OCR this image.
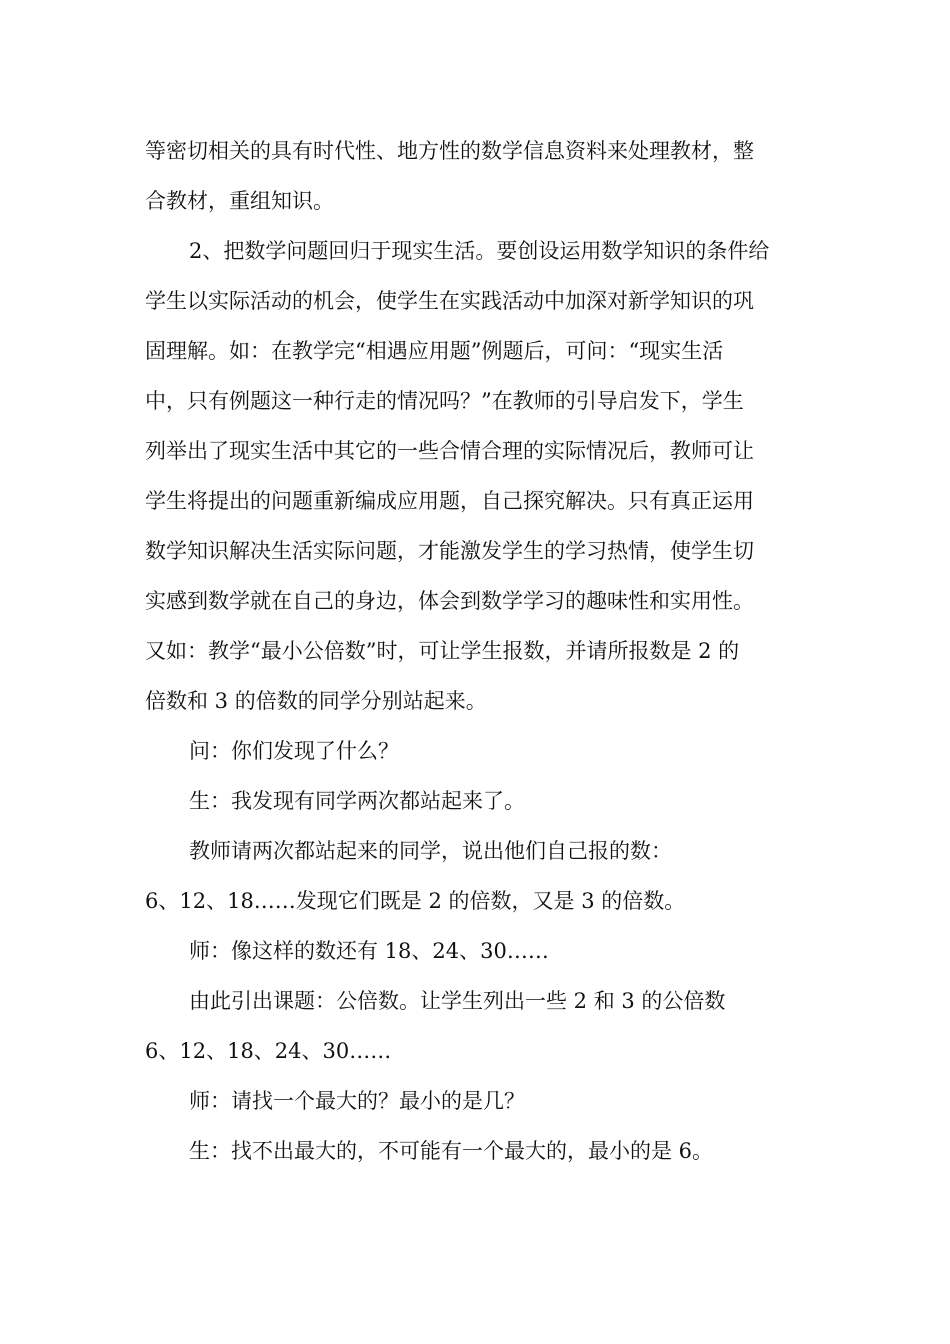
等密切相关的具有时代性、地方性的数学信息资料来处理教材，整
合教材，重组知识。
2、把数学问题回归于现实生活。要创设运用数学知识的条件给
学生以实际活动的机会，使学生在实践活动中加深对新学知识的巩
固理解。如：在教学完“相遇应用题”例题后，可问：“现实生活
中，只有例题这一种行走的情况吗？”在教师的引导启发下，学生
列举出了现实生活中其它的一些合情合理的实际情况后，教师可让
学生将提出的问题重新编成应用题，自己探究解决。只有真正运用
数学知识解决生活实际问题，才能激发学生的学习热情，使学生切
实感到数学就在自己的身边，体会到数学学习的趣味性和实用性。
又如：教学“最小公倍数”时，可让学生报数，并请所报数是 2 的
倍数和 3 的倍数的同学分别站起来。
问：你们发现了什么？
生：我发现有同学两次都站起来了。
教师请两次都站起来的同学，说出他们自己报的数：
6、12、18……发现它们既是 2 的倍数，又是 3 的倍数。
师：像这样的数还有 18、24、30……
由此引出课题：公倍数。让学生列出一些 2 和 3 的公倍数
6、12、18、24、30……
师：请找一个最大的？最小的是几？
生：找不出最大的，不可能有一个最大的，最小的是 6。
